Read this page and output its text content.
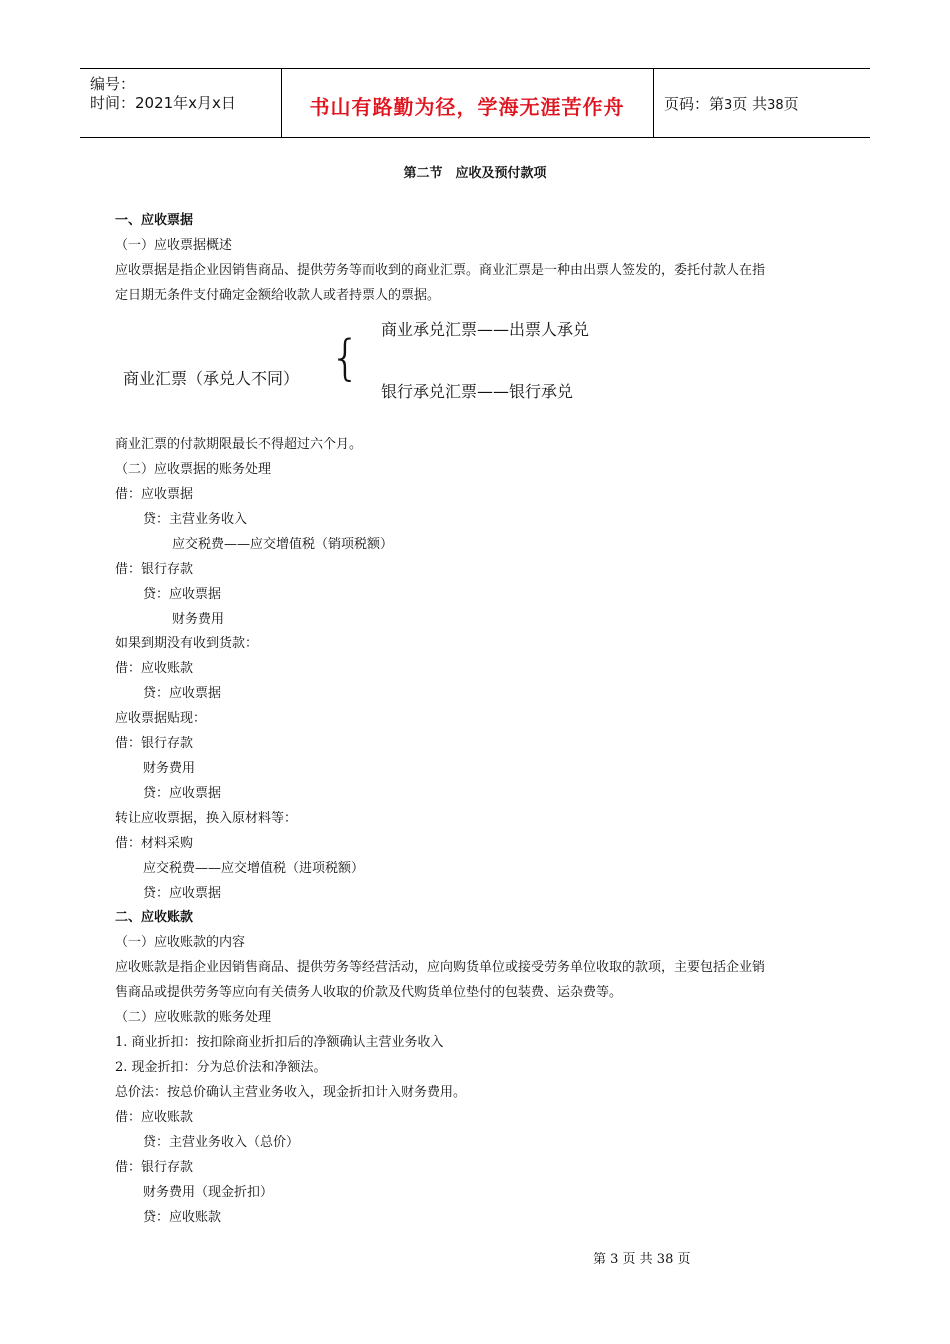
编号：
时间：2021年x月x日	书山有路勤为径，学海无涯苦作舟	页码：第3页 共38页
第二节　应收及预付款项
一、应收票据
（一）应收票据概述
应收票据是指企业因销售商品、提供劳务等而收到的商业汇票。商业汇票是一种由出票人签发的，委托付款人在指
定日期无条件支付确定金额给收款人或者持票人的票据。
商业汇票（承兑人不同） {
商业承兑汇票——出票人承兑
银行承兑汇票——银行承兑
商业汇票的付款期限最长不得超过六个月。
（二）应收票据的账务处理
借：应收票据
贷：主营业务收入
应交税费——应交增值税（销项税额）
借：银行存款
贷：应收票据
财务费用
如果到期没有收到货款：
借：应收账款
贷：应收票据
应收票据贴现：
借：银行存款
财务费用
贷：应收票据
转让应收票据，换入原材料等：
借：材料采购
应交税费——应交增值税（进项税额）
贷：应收票据
二、应收账款
（一）应收账款的内容
应收账款是指企业因销售商品、提供劳务等经营活动，应向购货单位或接受劳务单位收取的款项，主要包括企业销
售商品或提供劳务等应向有关债务人收取的价款及代购货单位垫付的包装费、运杂费等。
（二）应收账款的账务处理
1. 商业折扣：按扣除商业折扣后的净额确认主营业务收入
2. 现金折扣：分为总价法和净额法。
总价法：按总价确认主营业务收入，现金折扣计入财务费用。
借：应收账款
贷：主营业务收入（总价）
借：银行存款
财务费用（现金折扣）
贷：应收账款
第 3 页 共 38 页
